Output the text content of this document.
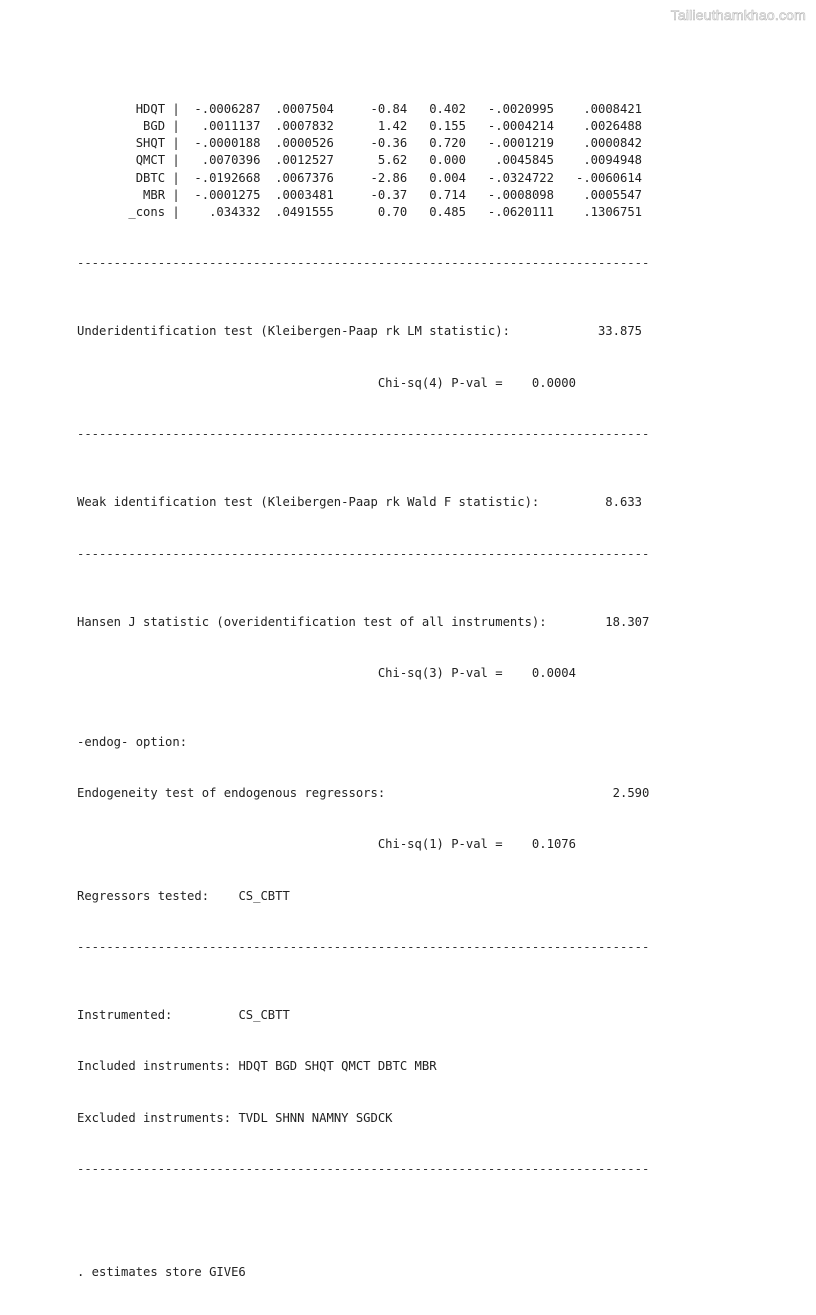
Tailieuthamkhao.com

HDQT |  -.0006287  .0007504     -0.84   0.402   -.0020995    .0008421
BGD |   .0011137  .0007832      1.42   0.155   -.0004214    .0026488
SHQT |  -.0000188  .0000526     -0.36   0.720   -.0001219    .0000842
QMCT |   .0070396  .0012527      5.62   0.000    .0045845    .0094948
DBTC |  -.0192668  .0067376     -2.86   0.004   -.0324722   -.0060614
MBR |  -.0001275  .0003481     -0.37   0.714   -.0008098    .0005547
_cons |    .034332  .0491555      0.70   0.485   -.0620111    .1306751

------------------------------------------------------------------------------

Underidentification test (Kleibergen-Paap rk LM statistic):            33.875

Chi-sq(4) P-val =    0.0000

------------------------------------------------------------------------------

Weak identification test (Kleibergen-Paap rk Wald F statistic):         8.633

------------------------------------------------------------------------------

Hansen J statistic (overidentification test of all instruments):        18.307

Chi-sq(3) P-val =    0.0004

-endog- option:

Endogeneity test of endogenous regressors:                               2.590

Chi-sq(1) P-val =    0.1076

Regressors tested:    CS_CBTT

------------------------------------------------------------------------------

Instrumented:         CS_CBTT

Included instruments: HDQT BGD SHQT QMCT DBTC MBR

Excluded instruments: TVDL SHNN NAMNY SGDCK

------------------------------------------------------------------------------

. estimates store GIVE6
